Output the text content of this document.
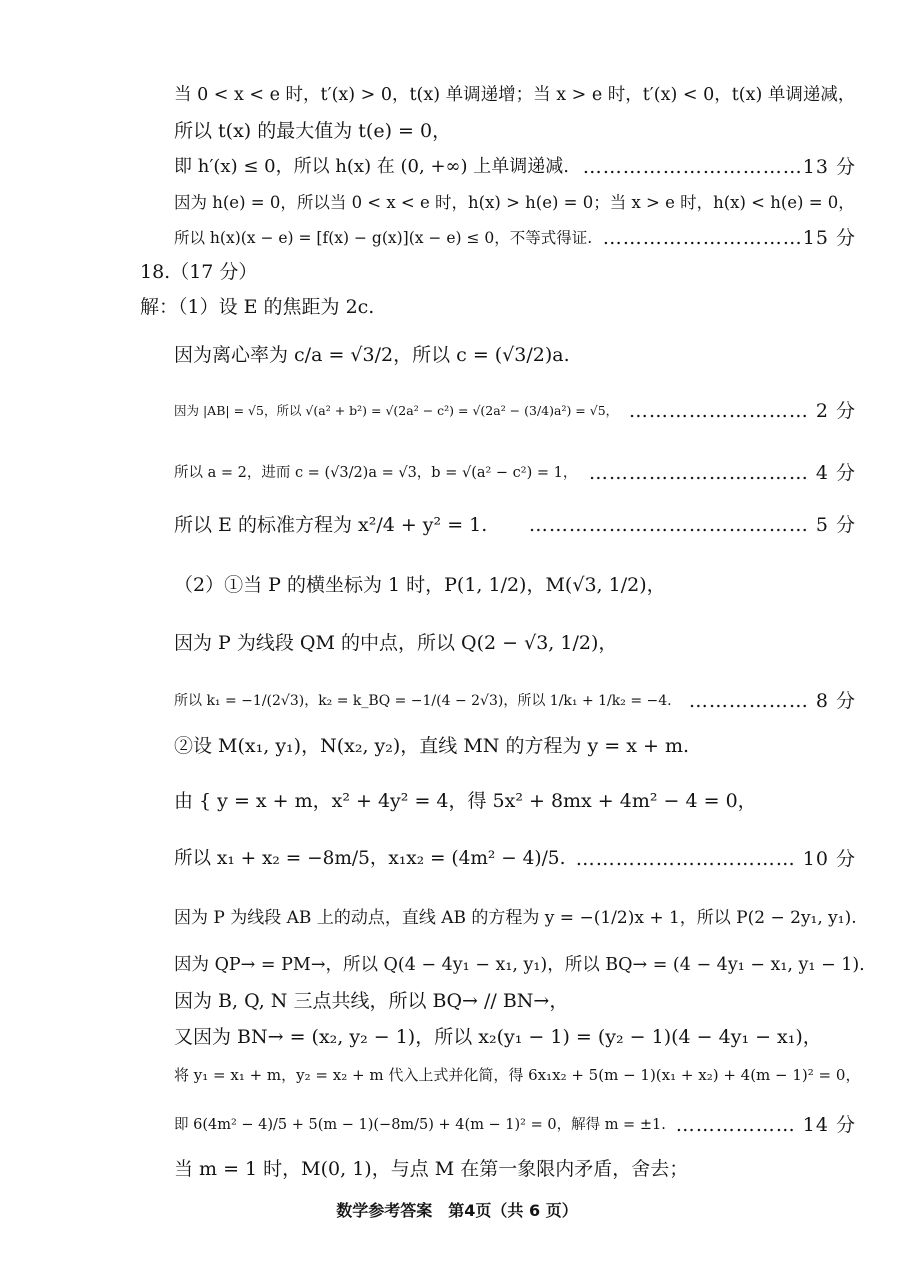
当 0 < x < e 时，t′(x) > 0，t(x) 单调递增；当 x > e 时，t′(x) < 0，t(x) 单调递减，
所以 t(x) 的最大值为 t(e) = 0，
即 h′(x) ≤ 0，所以 h(x) 在 (0, +∞) 上单调递减. ……………………………13 分
因为 h(e) = 0，所以当 0 < x < e 时，h(x) > h(e) = 0；当 x > e 时，h(x) < h(e) = 0，
所以 h(x)(x − e) = [f(x) − g(x)](x − e) ≤ 0，不等式得证. …………………………15 分
18.（17 分）
解：（1）设 E 的焦距为 2c.
因为离心率为 c/a = √3/2，所以 c = (√3/2)a.
因为 |AB| = √5，所以 √(a² + b²) = √(2a² − c²) = √(2a² − (3/4)a²) = √5， ……………………… 2 分
所以 a = 2，进而 c = (√3/2)a = √3，b = √(a² − c²) = 1， …………………………… 4 分
所以 E 的标准方程为 x²/4 + y² = 1. …………………………………… 5 分
（2）①当 P 的横坐标为 1 时，P(1, 1/2)，M(√3, 1/2)，
因为 P 为线段 QM 的中点，所以 Q(2 − √3, 1/2)，
所以 k₁ = −1/(2√3)，k₂ = k_BQ = −1/(4 − 2√3)，所以 1/k₁ + 1/k₂ = −4. ……………… 8 分
②设 M(x₁, y₁)，N(x₂, y₂)，直线 MN 的方程为 y = x + m.
由 { y = x + m，x² + 4y² = 4，得 5x² + 8mx + 4m² − 4 = 0，
所以 x₁ + x₂ = −8m/5，x₁x₂ = (4m² − 4)/5. …………………………… 10 分
因为 P 为线段 AB 上的动点，直线 AB 的方程为 y = −(1/2)x + 1，所以 P(2 − 2y₁, y₁).
因为 QP→ = PM→，所以 Q(4 − 4y₁ − x₁, y₁)，所以 BQ→ = (4 − 4y₁ − x₁, y₁ − 1).
因为 B, Q, N 三点共线，所以 BQ→ // BN→，
又因为 BN→ = (x₂, y₂ − 1)，所以 x₂(y₁ − 1) = (y₂ − 1)(4 − 4y₁ − x₁)，
将 y₁ = x₁ + m，y₂ = x₂ + m 代入上式并化简，得 6x₁x₂ + 5(m − 1)(x₁ + x₂) + 4(m − 1)² = 0，
即 6(4m² − 4)/5 + 5(m − 1)(−8m/5) + 4(m − 1)² = 0，解得 m = ±1. ……………… 14 分
当 m = 1 时，M(0, 1)，与点 M 在第一象限内矛盾，舍去；
数学参考答案　第4页（共 6 页）
